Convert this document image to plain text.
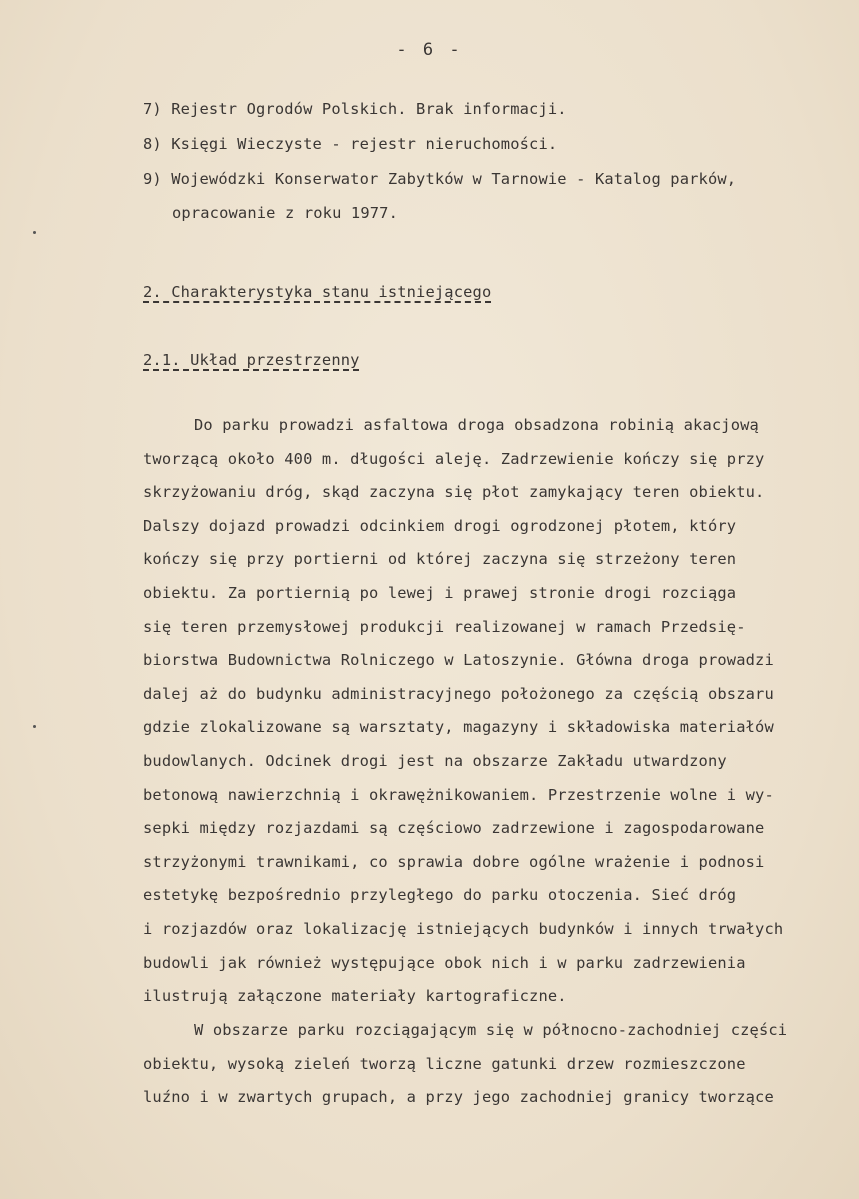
- 6 -
7) Rejestr Ogrodów Polskich. Brak informacji.
8) Księgi Wieczyste - rejestr nieruchomości.
9) Wojewódzki Konserwator Zabytków w Tarnowie - Katalog parków,
opracowanie z roku 1977.
2. Charakterystyka stanu istniejącego
2.1. Układ przestrzenny
Do parku prowadzi asfaltowa droga obsadzona robinią akacjową
tworzącą około 400 m. długości aleję. Zadrzewienie kończy się przy
skrzyżowaniu dróg, skąd zaczyna się płot zamykający teren obiektu.
Dalszy dojazd prowadzi odcinkiem drogi ogrodzonej płotem, który
kończy się przy portierni od której zaczyna się strzeżony teren
obiektu. Za portiernią po lewej i prawej stronie drogi rozciąga
się teren przemysłowej produkcji realizowanej w ramach Przedsię-
biorstwa Budownictwa Rolniczego w Latoszynie. Główna droga prowadzi
dalej aż do budynku administracyjnego położonego za częścią obszaru
gdzie zlokalizowane są warsztaty, magazyny i składowiska materiałów
budowlanych. Odcinek drogi jest na obszarze Zakładu utwardzony
betonową nawierzchnią i okrawężnikowaniem. Przestrzenie wolne i wy-
sepki między rozjazdami są częściowo zadrzewione i zagospodarowane
strzyżonymi trawnikami, co sprawia dobre ogólne wrażenie i podnosi
estetykę bezpośrednio przyległego do parku otoczenia. Sieć dróg
i rozjazdów oraz lokalizację istniejących budynków i innych trwałych
budowli jak również występujące obok nich i w parku zadrzewienia
ilustrują załączone materiały kartograficzne.
W obszarze parku rozciągającym się w północno-zachodniej części
obiektu, wysoką zieleń tworzą liczne gatunki drzew rozmieszczone
luźno i w zwartych grupach, a przy jego zachodniej granicy tworzące
